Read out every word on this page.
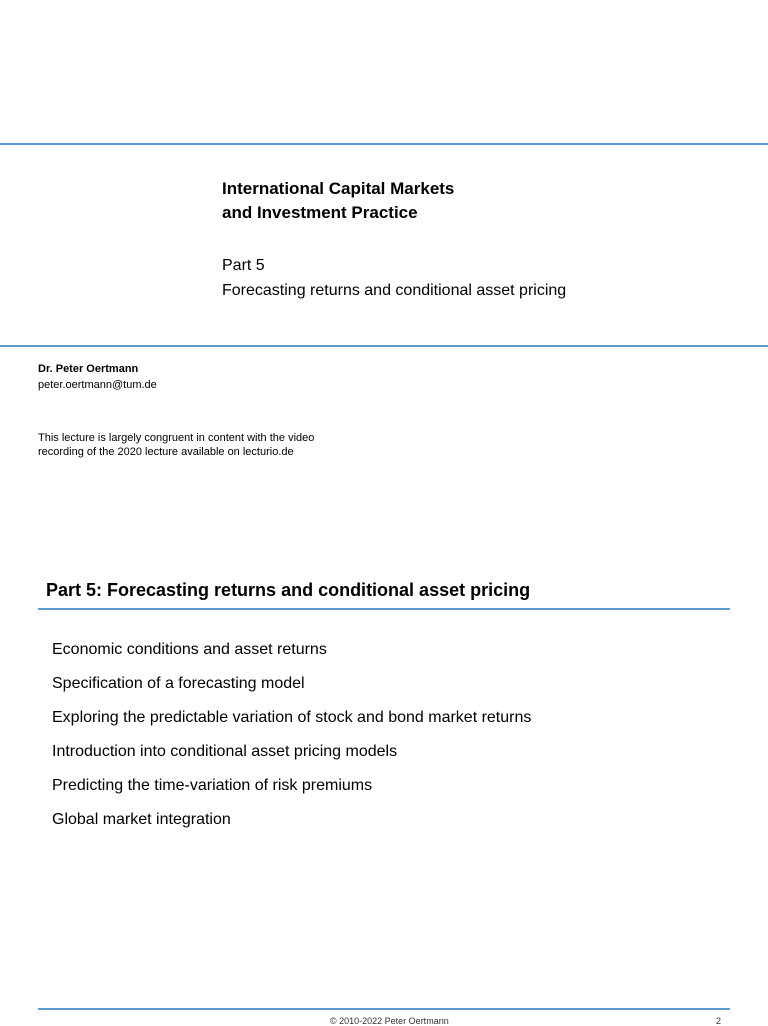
International Capital Markets
and Investment Practice
Part 5
Forecasting returns and conditional asset pricing
Dr. Peter Oertmann
peter.oertmann@tum.de
This lecture is largely congruent in content with the video
recording of the 2020 lecture available on lecturio.de
Part 5: Forecasting returns and conditional asset pricing
Economic conditions and asset returns
Specification of a forecasting model
Exploring the predictable variation of stock and bond market returns
Introduction into conditional asset pricing models
Predicting the time-variation of risk premiums
Global market integration
© 2010-2022 Peter Oertmann	2
